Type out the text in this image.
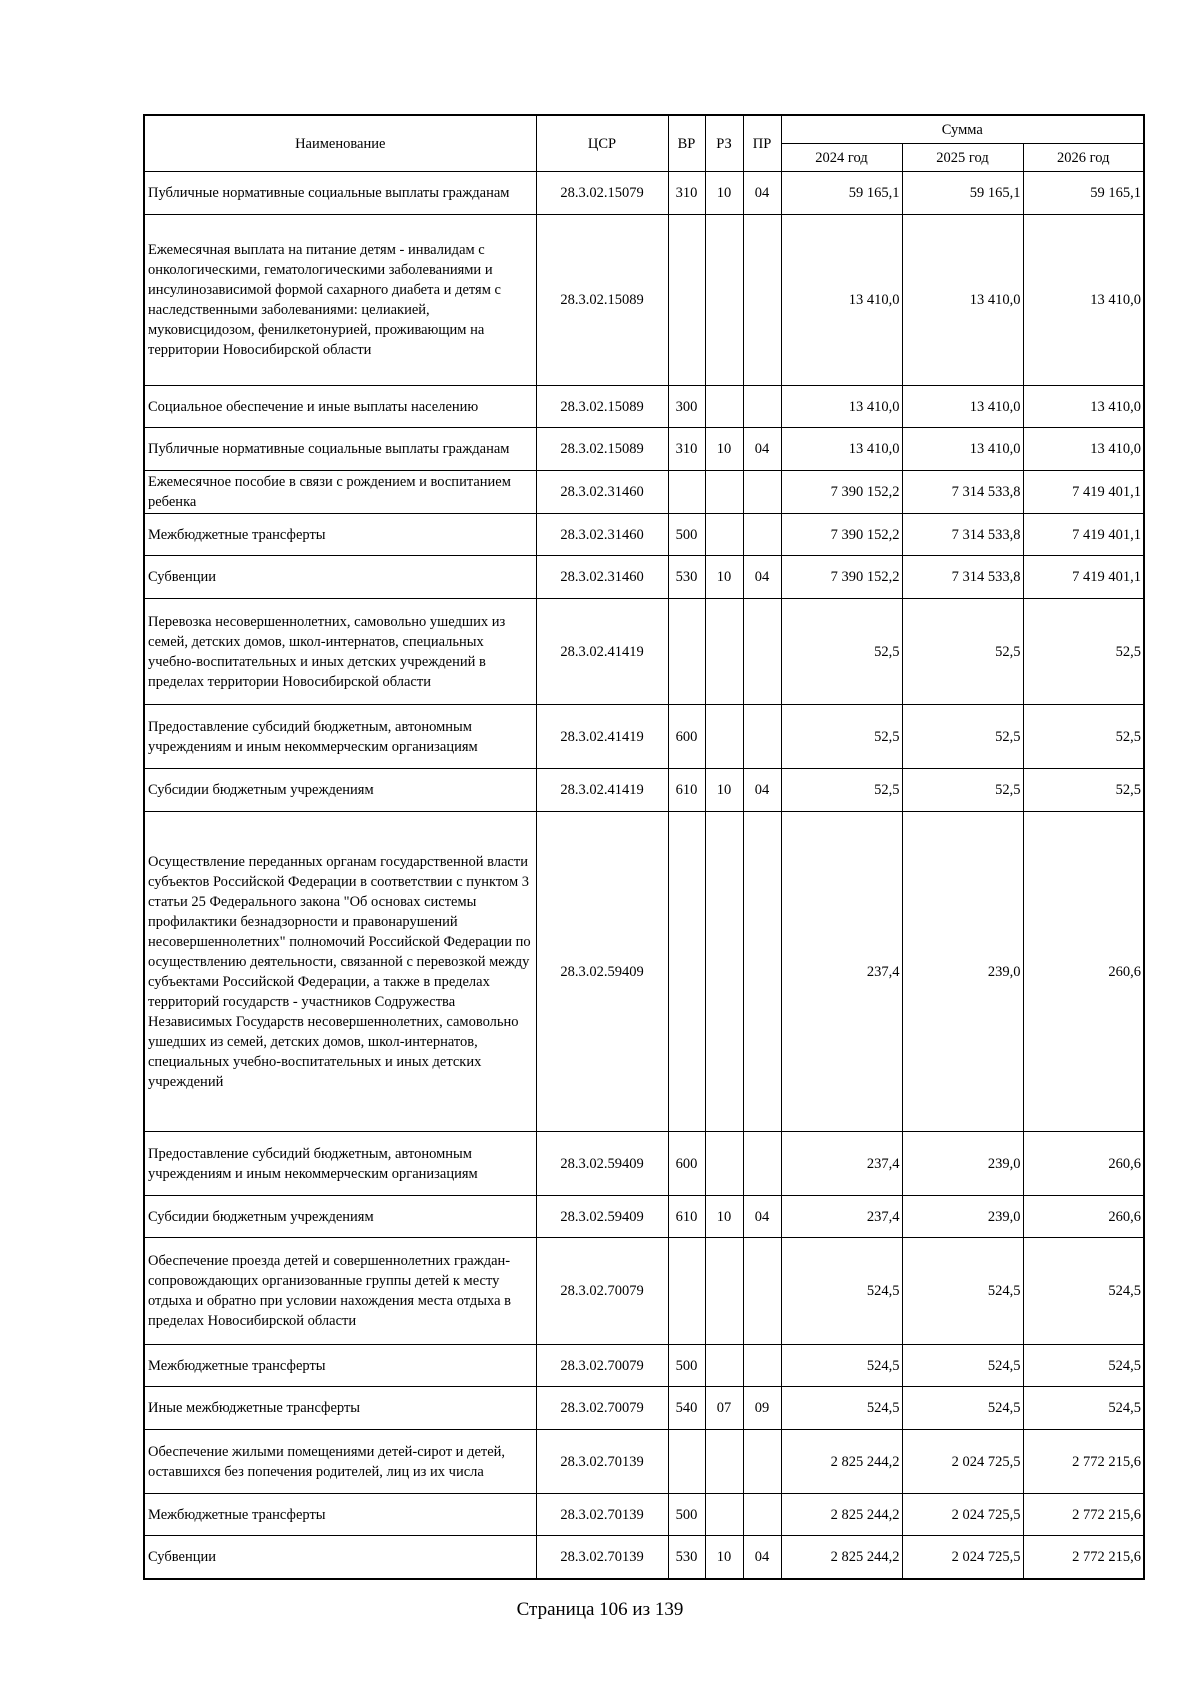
Наименование	ЦСР	ВР	РЗ	ПР	Сумма		
					2024 год	2025 год	2026 год
Публичные нормативные социальные выплаты гражданам	28.3.02.15079	310	10	04	59 165,1	59 165,1	59 165,1
Ежемесячная выплата на питание детям - инвалидам с онкологическими, гематологическими заболеваниями и инсулинозависимой формой сахарного диабета и детям с наследственными заболеваниями: целиакией, муковисцидозом, фенилкетонурией, проживающим на территории Новосибирской области	28.3.02.15089				13 410,0	13 410,0	13 410,0
Социальное обеспечение и иные выплаты населению	28.3.02.15089	300			13 410,0	13 410,0	13 410,0
Публичные нормативные социальные выплаты гражданам	28.3.02.15089	310	10	04	13 410,0	13 410,0	13 410,0
Ежемесячное пособие в связи с рождением и воспитанием ребенка	28.3.02.31460				7 390 152,2	7 314 533,8	7 419 401,1
Межбюджетные трансферты	28.3.02.31460	500			7 390 152,2	7 314 533,8	7 419 401,1
Субвенции	28.3.02.31460	530	10	04	7 390 152,2	7 314 533,8	7 419 401,1
Перевозка несовершеннолетних, самовольно ушедших из семей, детских домов, школ-интернатов, специальных учебно-воспитательных и иных детских учреждений в пределах территории Новосибирской области	28.3.02.41419				52,5	52,5	52,5
Предоставление субсидий бюджетным, автономным учреждениям и иным некоммерческим организациям	28.3.02.41419	600			52,5	52,5	52,5
Субсидии бюджетным учреждениям	28.3.02.41419	610	10	04	52,5	52,5	52,5
Осуществление переданных органам государственной власти субъектов Российской Федерации в соответствии с пунктом 3 статьи 25 Федерального закона "Об основах системы профилактики безнадзорности и правонарушений несовершеннолетних" полномочий Российской Федерации по осуществлению деятельности, связанной с перевозкой между субъектами Российской Федерации, а также в пределах территорий государств - участников Содружества Независимых Государств несовершеннолетних, самовольно ушедших из семей, детских домов, школ-интернатов, специальных учебно-воспитательных и иных детских учреждений	28.3.02.59409				237,4	239,0	260,6
Предоставление субсидий бюджетным, автономным учреждениям и иным некоммерческим организациям	28.3.02.59409	600			237,4	239,0	260,6
Субсидии бюджетным учреждениям	28.3.02.59409	610	10	04	237,4	239,0	260,6
Обеспечение проезда детей и совершеннолетних граждан-сопровождающих организованные группы детей к месту отдыха и обратно при условии нахождения места отдыха в пределах Новосибирской области	28.3.02.70079				524,5	524,5	524,5
Межбюджетные трансферты	28.3.02.70079	500			524,5	524,5	524,5
Иные межбюджетные трансферты	28.3.02.70079	540	07	09	524,5	524,5	524,5
Обеспечение жилыми помещениями детей-сирот и детей, оставшихся без попечения родителей, лиц из их числа	28.3.02.70139				2 825 244,2	2 024 725,5	2 772 215,6
Межбюджетные трансферты	28.3.02.70139	500			2 825 244,2	2 024 725,5	2 772 215,6
Субвенции	28.3.02.70139	530	10	04	2 825 244,2	2 024 725,5	2 772 215,6
Страница 106 из 139
